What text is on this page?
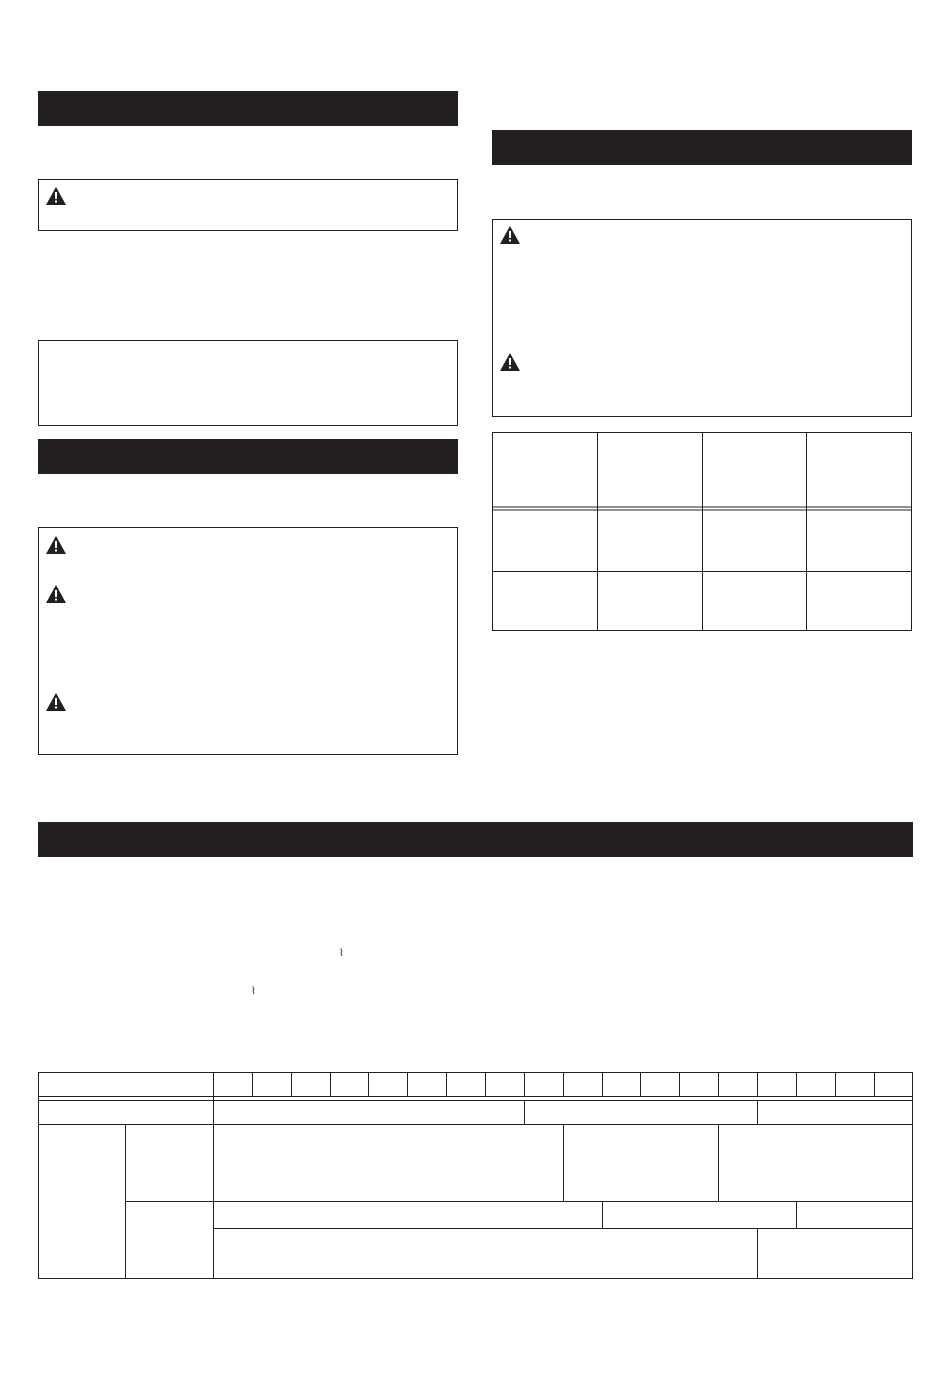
⌇
⌇
